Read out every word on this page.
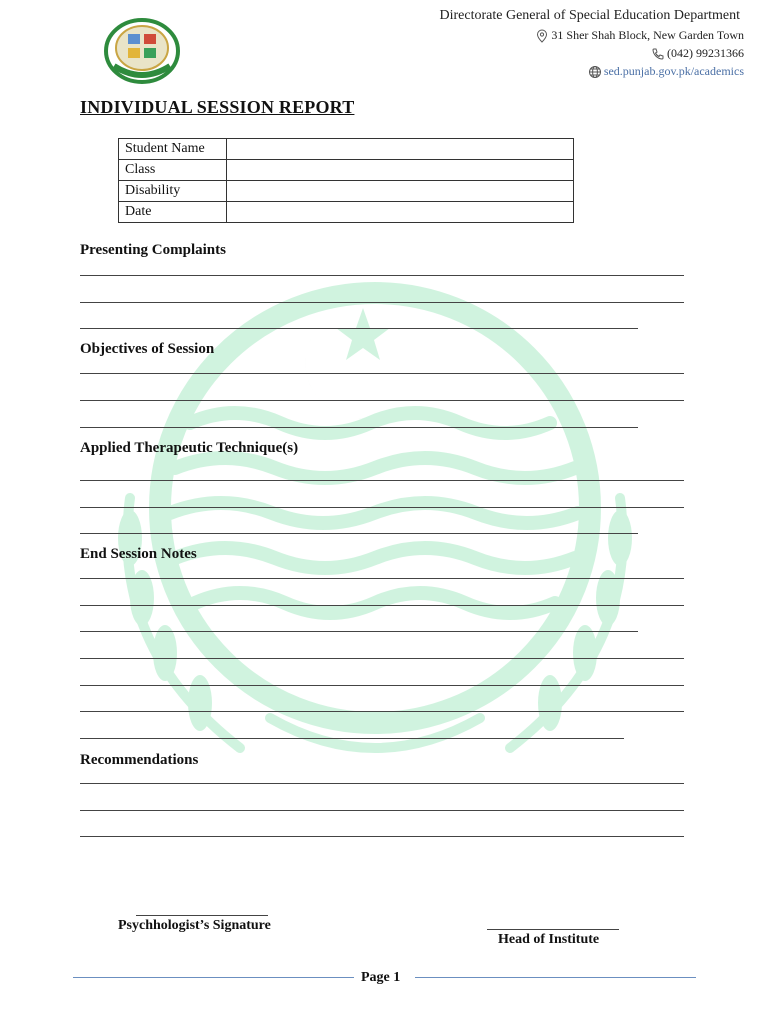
Directorate General of Special Education Department
31 Sher Shah Block, New Garden Town
(042) 99231366
sed.punjab.gov.pk/academics
INDIVIDUAL SESSION REPORT
Student Name	
Class	
Disability	
Date	
Presenting Complaints
Objectives of Session
Applied Therapeutic Technique(s)
End Session Notes
Recommendations
Psychhologist’s Signature
Head of Institute
Page 1
